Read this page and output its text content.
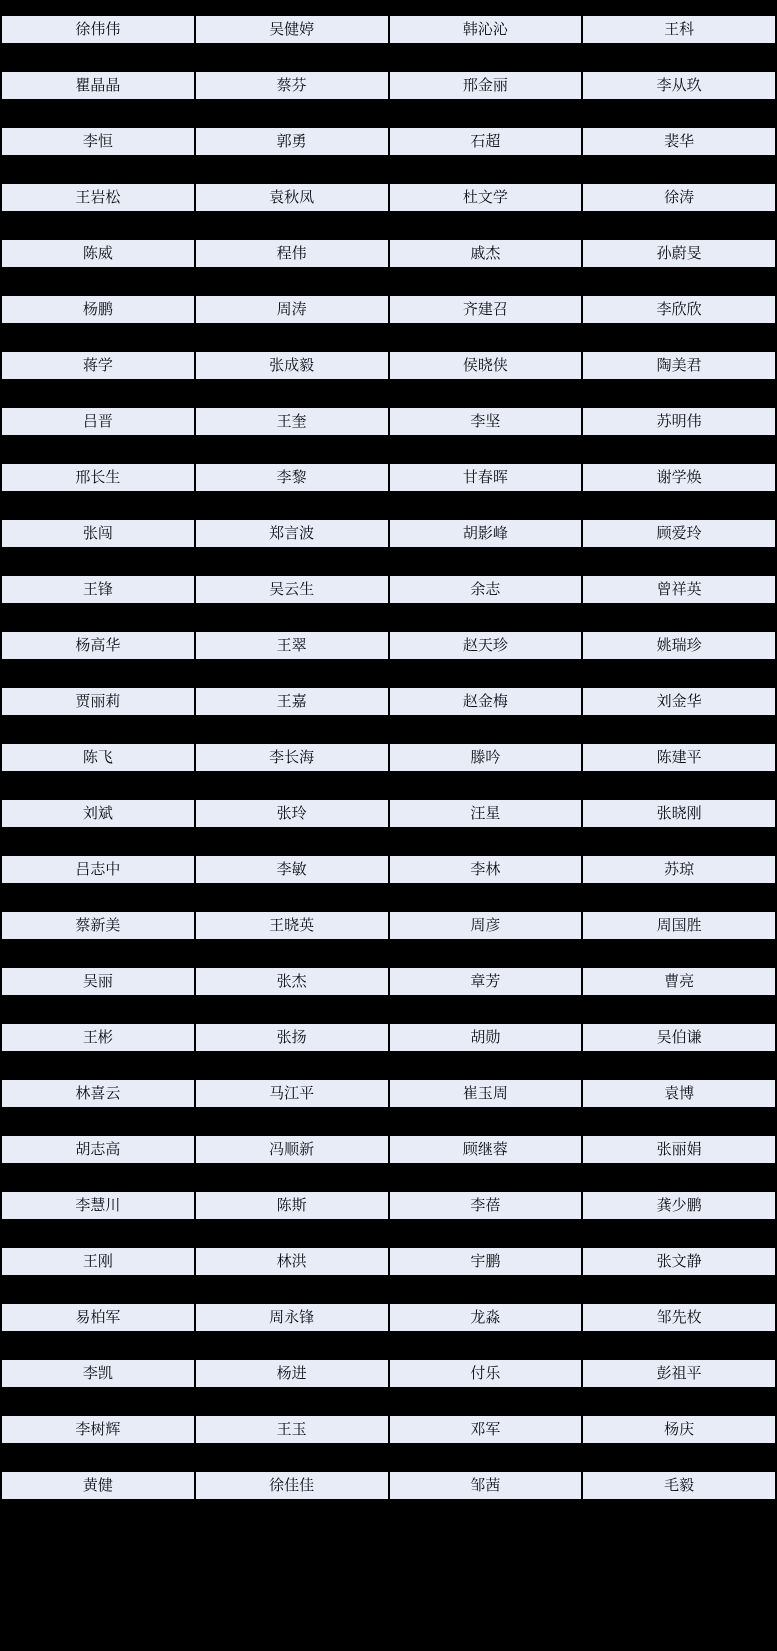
徐伟伟	吴健婷	韩沁沁	王科

瞿晶晶	蔡芬	邢金丽	李从玖

李恒	郭勇	石超	裴华

王岩松	袁秋凤	杜文学	徐涛

陈威	程伟	戚杰	孙蔚旻

杨鹏	周涛	齐建召	李欣欣

蒋学	张成毅	侯晓侠	陶美君

吕晋	王奎	李坚	苏明伟

邢长生	李黎	甘春晖	谢学焕

张闯	郑言波	胡影峰	顾爱玲

王锋	吴云生	余志	曾祥英

杨高华	王翠	赵天珍	姚瑞珍

贾丽莉	王嘉	赵金梅	刘金华

陈飞	李长海	滕吟	陈建平

刘斌	张玲	汪星	张晓刚

吕志中	李敏	李林	苏琼

蔡新美	王晓英	周彦	周国胜

吴丽	张杰	章芳	曹亮

王彬	张扬	胡勋	吴伯谦

林喜云	马江平	崔玉周	袁博

胡志高	冯顺新	顾继蓉	张丽娟

李慧川	陈斯	李蓓	龚少鹏

王刚	林洪	宇鹏	张文静

易柏军	周永锋	龙淼	邹先枚

李凯	杨进	付乐	彭祖平

李树辉	王玉	邓军	杨庆

黄健	徐佳佳	邹茜	毛毅
